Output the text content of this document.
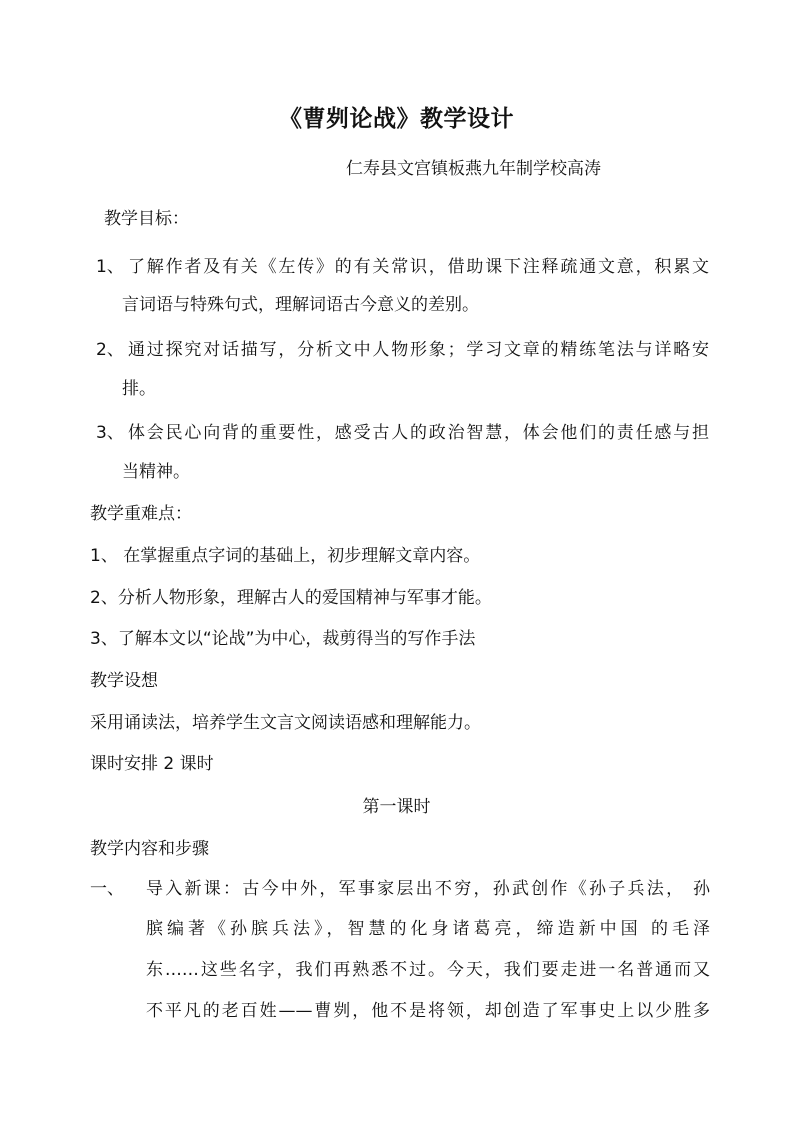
《曹刿论战》教学设计
仁寿县文宫镇板燕九年制学校高涛
教学目标：
1、 了解作者及有关《左传》的有关常识，借助课下注释疏通文意，积累文
言词语与特殊句式，理解词语古今意义的差别。
2、 通过探究对话描写，分析文中人物形象；学习文章的精练笔法与详略安
排。
3、 体会民心向背的重要性，感受古人的政治智慧，体会他们的责任感与担
当精神。
教学重难点：
1、 在掌握重点字词的基础上，初步理解文章内容。
2、分析人物形象，理解古人的爱国精神与军事才能。
3、了解本文以“论战”为中心，裁剪得当的写作手法
教学设想
采用诵读法，培养学生文言文阅读语感和理解能力。
课时安排 2 课时
第一课时
教学内容和步骤
一、 导入新课：古今中外，军事家层出不穷，孙武创作《孙子兵法， 孙
膑编著《孙膑兵法》，智慧的化身诸葛亮，缔造新中国 的毛泽
东……这些名字，我们再熟悉不过。今天，我们要走进一名普通而又
不平凡的老百姓——曹刿，他不是将领，却创造了军事史上以少胜多
